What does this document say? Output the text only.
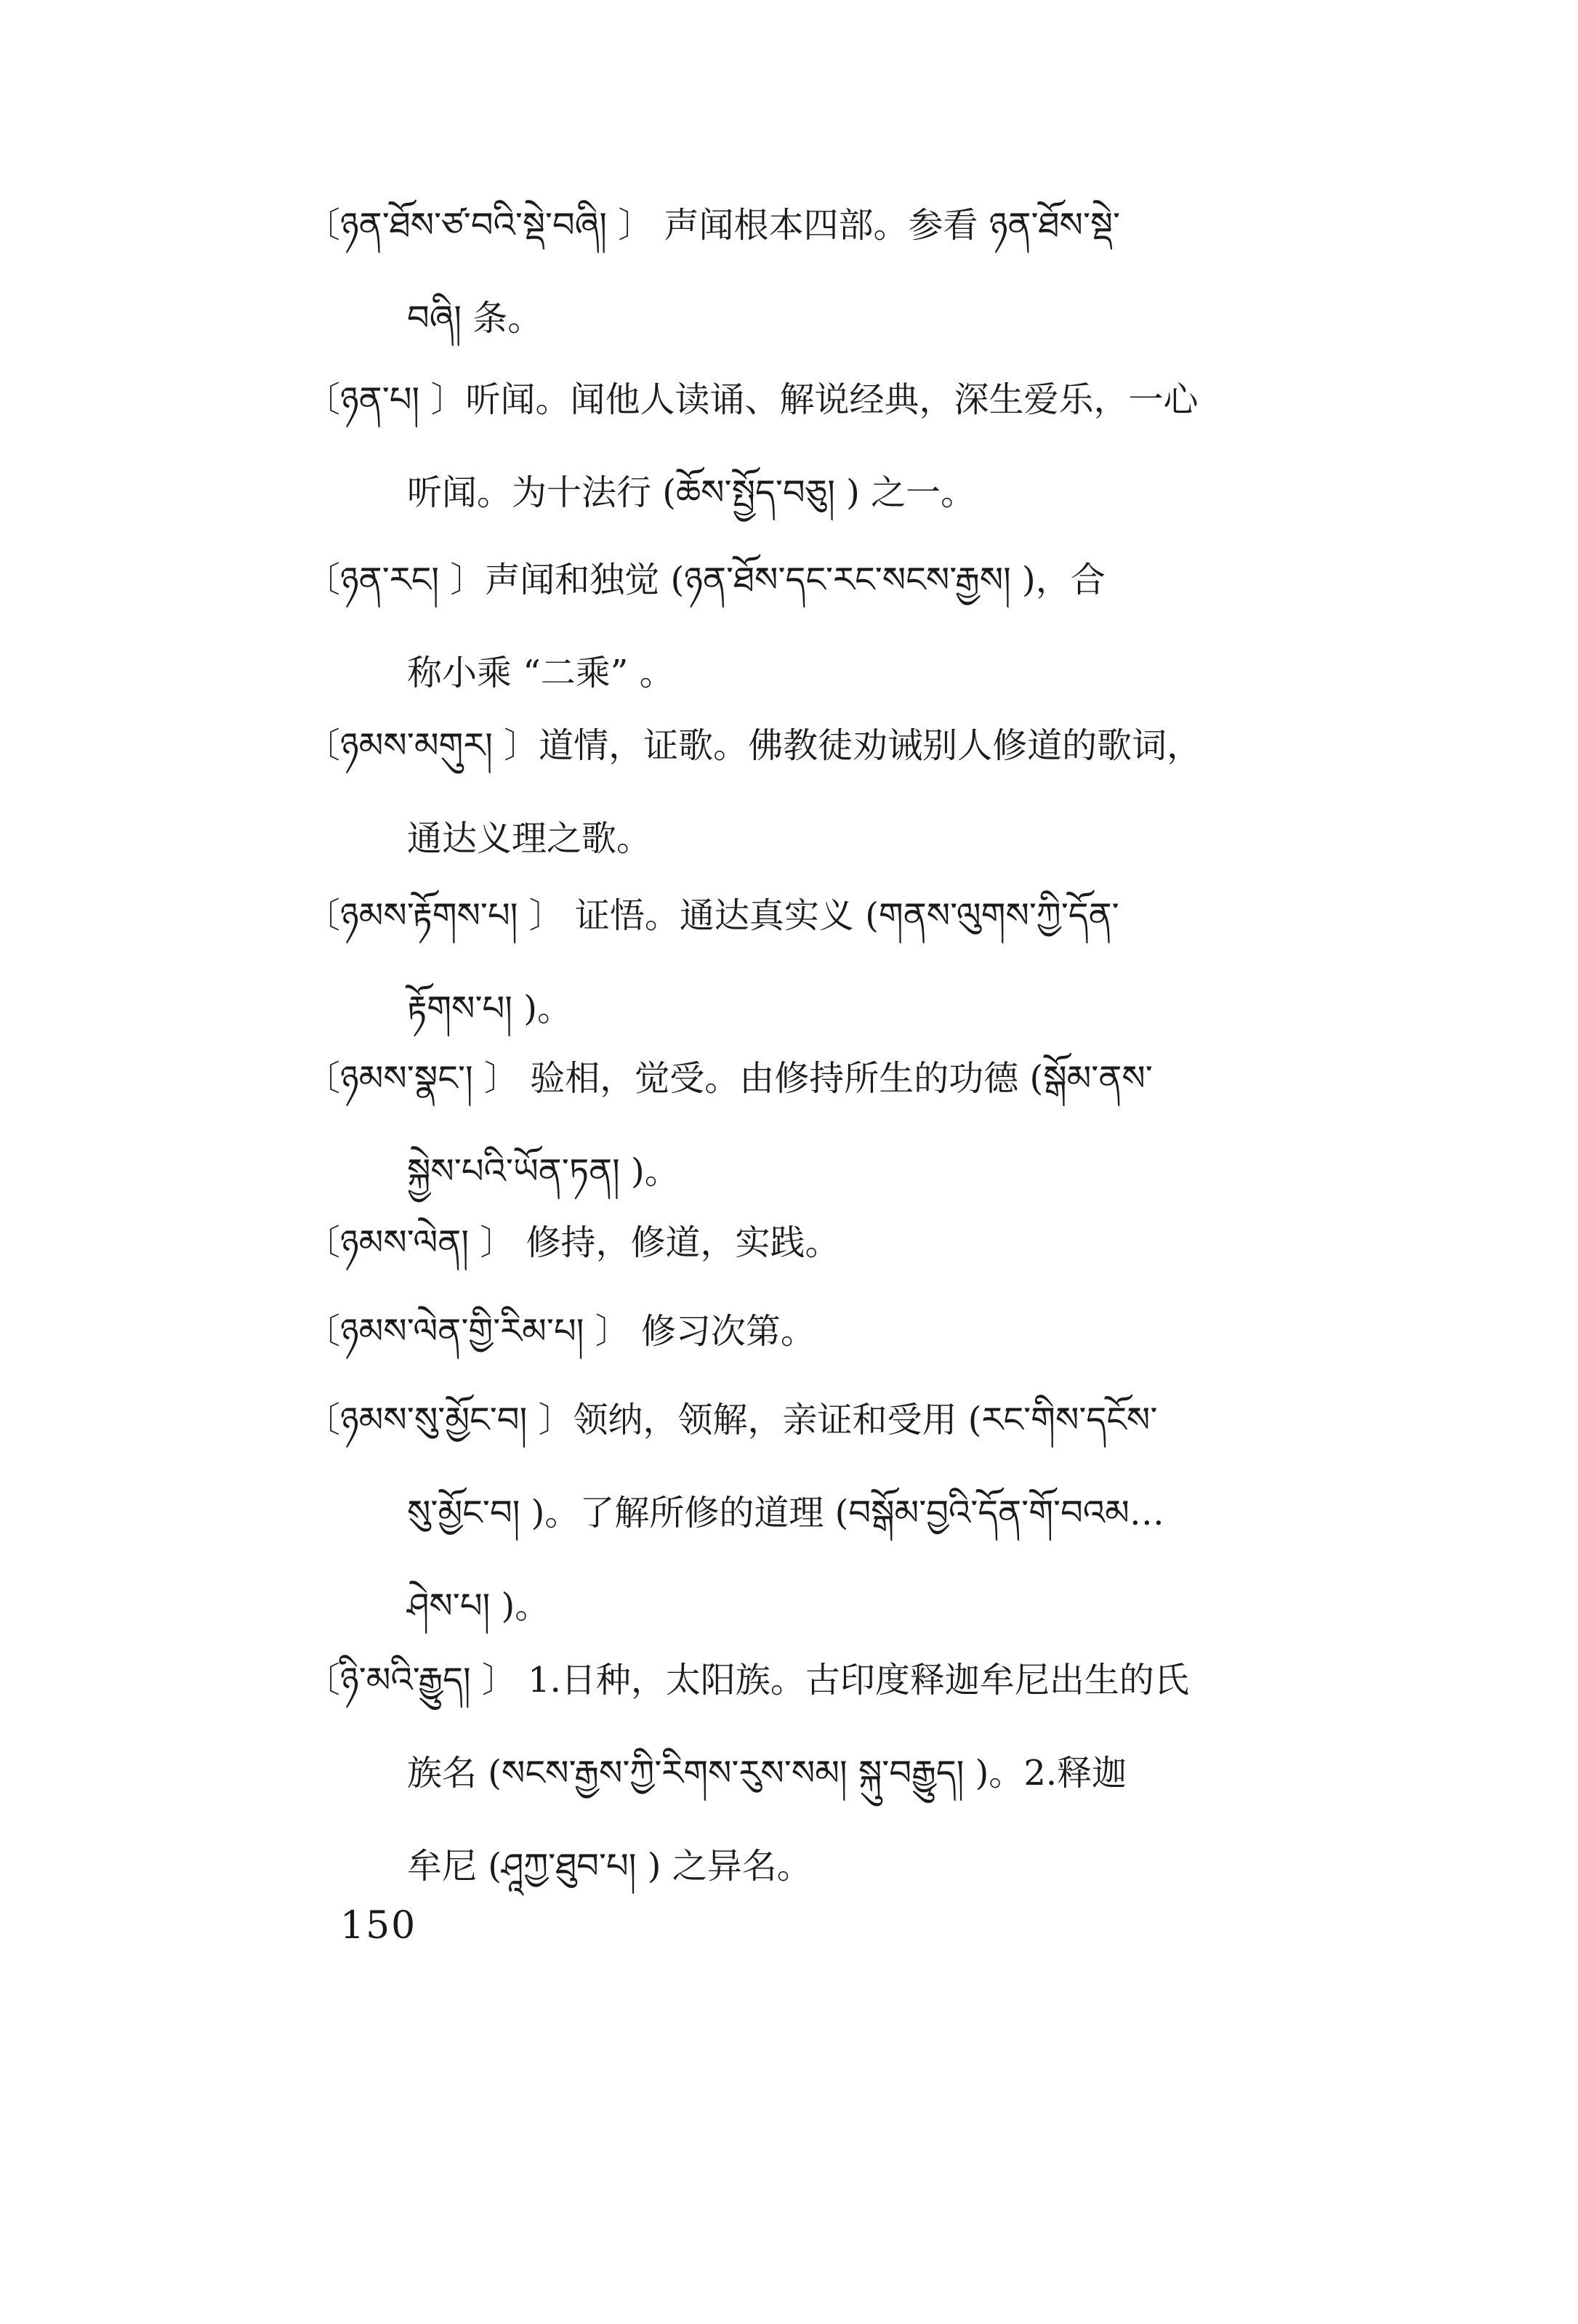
〔ཉན་ཐོས་ཙ་བའི་སྡེ་བཞི། 〕 声闻根本四部。参看 ཉན་ཐོས་སྡེ་
བཞི། 条。
〔ཉན་པ། 〕听闻。闻他人读诵、解说经典，深生爱乐，一心
听闻。为十法行 (ཆོས་སྤྱོད་བཅུ། ) 之一。
〔ཉན་རང། 〕声闻和独觉 (ཉན་ཐོས་དང་རང་སངས་རྒྱས། )，合
称小乘 “二乘” 。
〔ཉམས་མགུར། 〕道情，证歌。佛教徒劝诫别人修道的歌词，
通达义理之歌。
〔ཉམས་རྟོགས་པ། 〕 证悟。通达真实义 (གནས་ལུགས་ཀྱི་དོན་
རྟོགས་པ། )。
〔ཉམས་སྣང་། 〕 验相，觉受。由修持所生的功德 (སྒོམ་ནས་
སྐྱེས་པའི་ཡོན་ཏན། )。
〔ཉམས་ལེན། 〕 修持，修道，实践。
〔ཉམས་ལེན་གྱི་རིམ་པ། 〕 修习次第。
〔ཉམས་སུ་མྱོང་བ། 〕领纳，领解，亲证和受用 (རང་གིས་དངོས་
སུ་མྱོང་བ། )。了解所修的道理 (བསྒོམ་བྱའི་དོན་གོ་བའམ…
ཤེས་པ། )。
〔ཉི་མའི་རྒྱུད། 〕 1.日种，太阳族。古印度释迦牟尼出生的氏
族名 (སངས་རྒྱས་ཀྱི་རིགས་རུས་སམ། སྐུ་བརྒྱུད། )。2.释迦
牟尼 (ཤཱཀྱ་ཐུབ་པ། ) 之异名。
150
